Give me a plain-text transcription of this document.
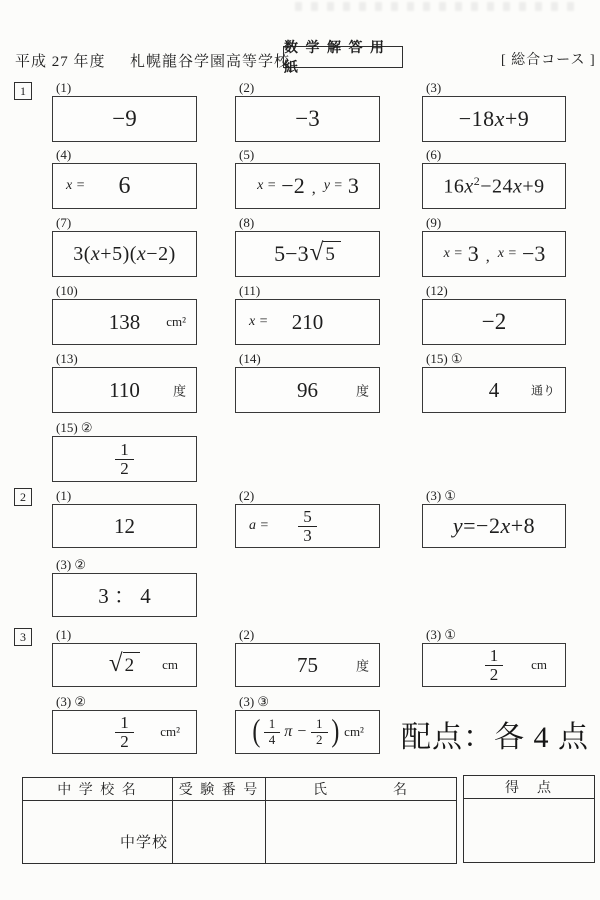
平成 27 年度 札幌龍谷学園高等学校
数 学 解 答 用 紙
[ 総合コース ]
1	(1)
−9
(2)
−3
(3)
−18x+9
(4)
x = 6
(5)
x = −2 , y = 3
(6)
$16x^2-24x+9$
(7)
3(x+5)(x−2)
(8)
5−3 √ 5
(9)
x = 3 , x = −3
(10)
138 cm²
(11)
x = 210
(12)
−2
(13)
110	度
(14)
96	度
(15) ①
4	通り
(15) ②
$\frac{1}{2}$
2	(1)
12
(2)
$a = \frac{5}{3}$
(3) ①
y=−2x+8
(3) ②
3 ： 4
3	(1)
√ 2	cm
(2)
75	度
(3) ①
$\frac{1}{2}$ cm
(3) ②
$\frac{1}{2} cm^2$
(3) ③
( $\frac{1}{4}$ $\pi - \frac{1}{2}$ ) cm² 配点：各 4 点
中 学 校 名	受 験 番 号	氏　　　　名
中学校
得　点
